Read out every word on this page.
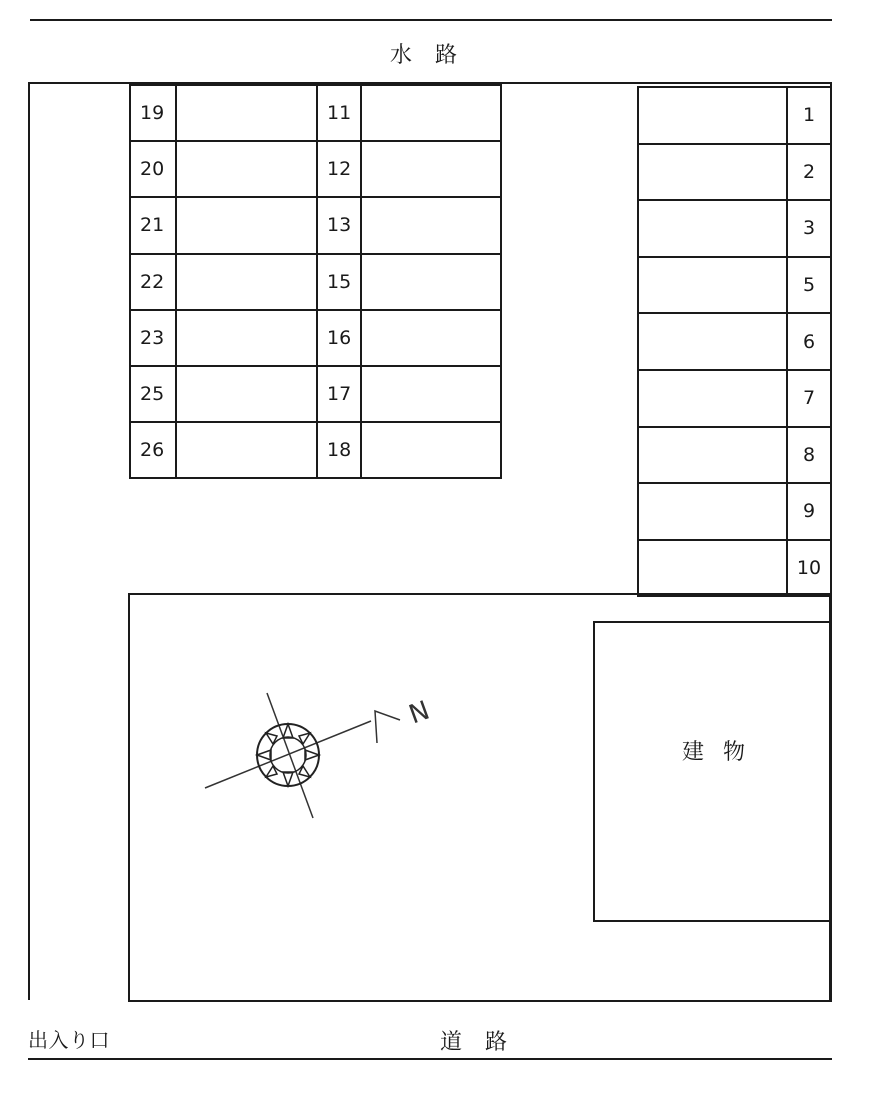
水　路
19
20
21
22
23
25
26
11
12
13
15
16
17
18
1
2
3
5
6
7
8
9
10
建 物
N
出入り口	道　路
